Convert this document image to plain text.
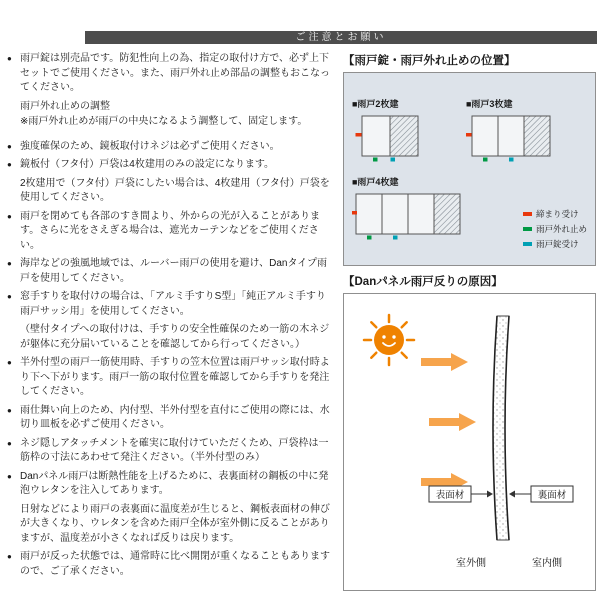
ご注意とお願い
● 雨戸錠は別売品です。防犯性向上の為、指定の取付け方で、必ず上下セットでご使用ください。また、雨戸外れ止め部品の調整もおこなってください。
雨戸外れ止めの調整
※雨戸外れ止めが雨戸の中央になるよう調整して、固定します。
● 強度確保のため、鏡板取付けネジは必ずご使用ください。
● 鏡板付（フタ付）戸袋は4枚建用のみの設定になります。
2枚建用で（フタ付）戸袋にしたい場合は、4枚建用（フタ付）戸袋を使用してください。
● 雨戸を閉めても各部のすき間より、外からの光が入ることがあります。さらに光をさえぎる場合は、遮光カーテンなどをご使用ください。
● 海岸などの強風地域では、ルーバー雨戸の使用を避け、Danタイプ雨戸を使用してください。
● 窓手すりを取付けの場合は、「アルミ手すりS型」「純正アルミ手すり雨戸サッシ用」を使用してください。
（壁付タイプへの取付けは、手すりの安全性確保のため一筋の木ネジが躯体に充分届いていることを確認してから行ってください。）
● 半外付型の雨戸一筋使用時、手すりの笠木位置は雨戸サッシ取付時より下へ下がります。雨戸一筋の取付位置を確認してから手すりを発注してください。
● 雨仕舞い向上のため、内付型、半外付型を直付にご使用の際には、水切り皿板を必ずご使用ください。
● ネジ隠しアタッチメントを確実に取付けていただくため、戸袋枠は一筋枠の寸法にあわせて発注ください。（半外付型のみ）
● Danパネル雨戸は断熱性能を上げるために、表裏面材の鋼板の中に発泡ウレタンを注入してあります。
日射などにより雨戸の表裏面に温度差が生じると、鋼板表面材の伸びが大きくなり、ウレタンを含めた雨戸全体が室外側に反ることがありますが、温度差が小さくなれば反りは戻ります。
● 雨戸が反った状態では、通常時に比べ開閉が重くなることもありますので、ご了承ください。
【雨戸錠・雨戸外れ止めの位置】
■雨戸2枚建	■雨戸3枚建
■雨戸4枚建
締まり受け
雨戸外れ止め
雨戸錠受け
【Danパネル雨戸反りの原因】
表面材	裏面材
室外側	室内側
